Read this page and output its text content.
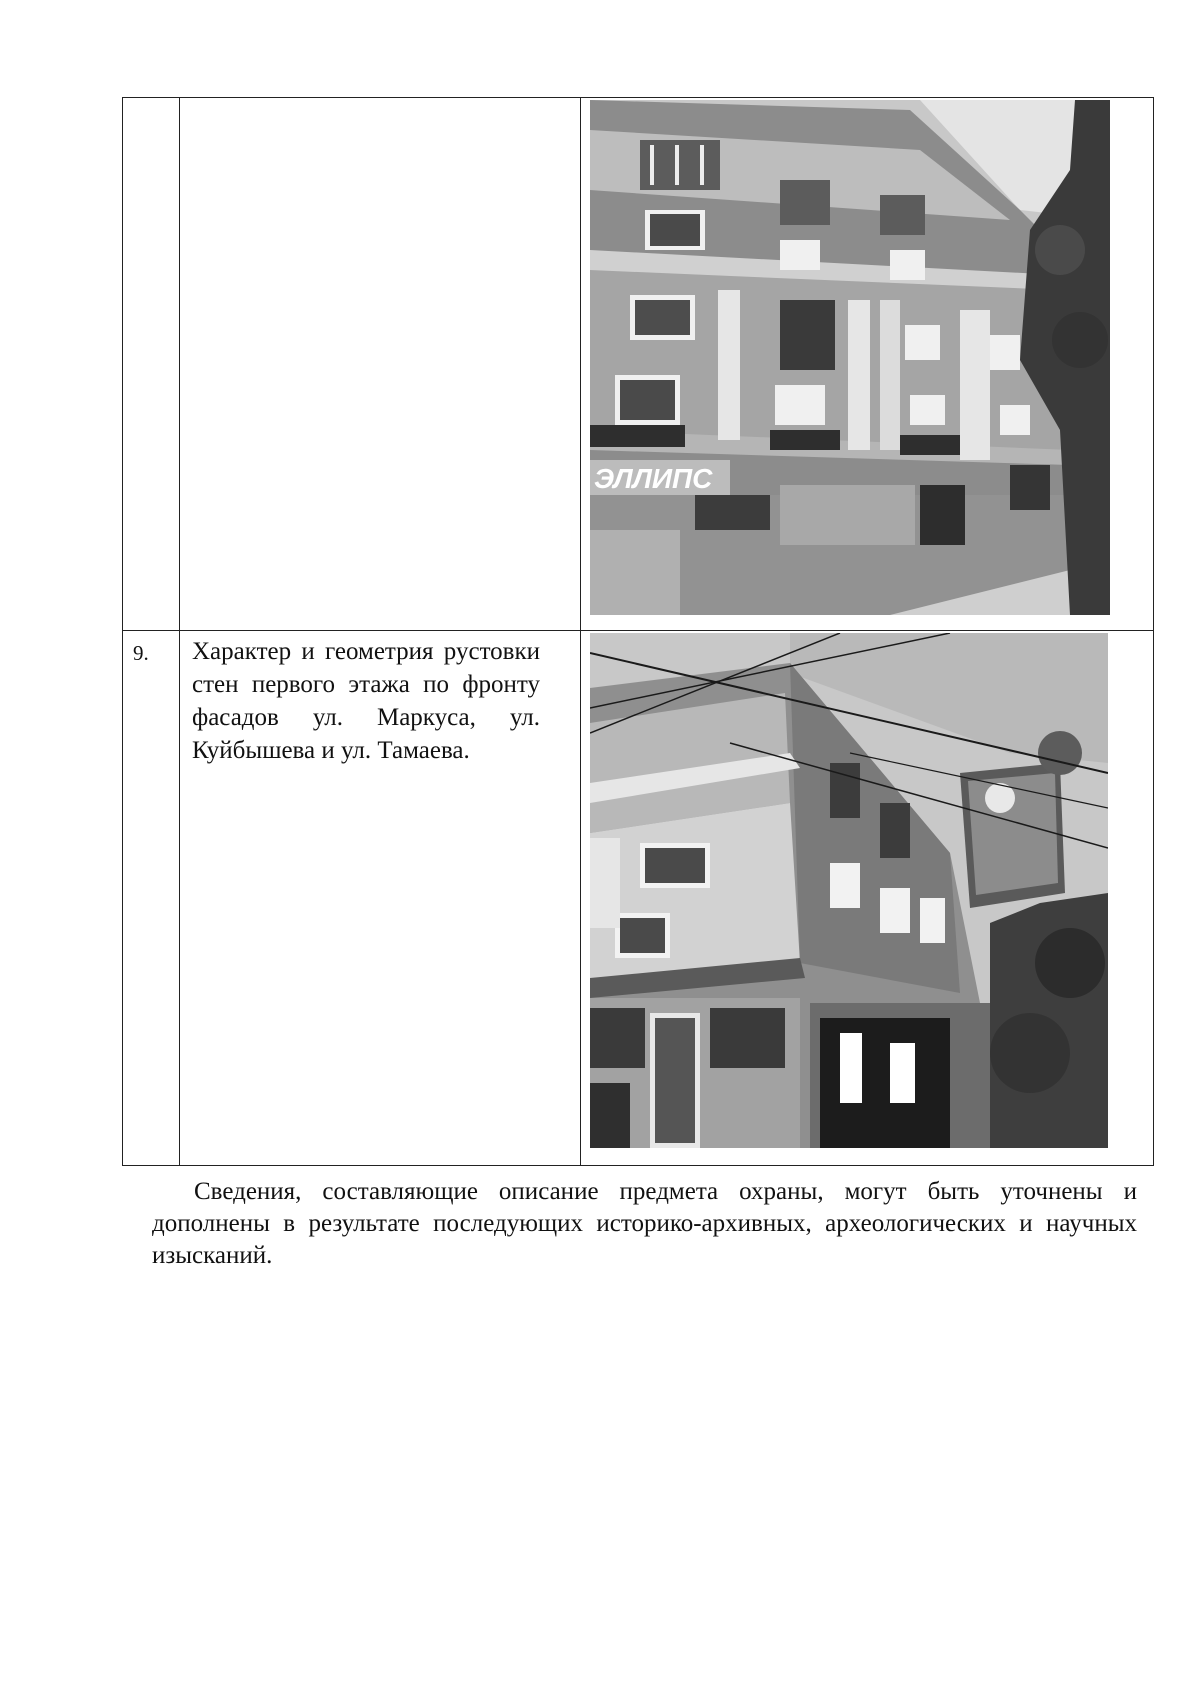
ЭЛЛИПС

9.	Характер и геометрия рустовки стен первого этажа по фронту фасадов ул. Маркуса, ул. Куйбышева и ул. Тамаева.

Сведения, составляющие описание предмета охраны, могут быть уточнены и дополнены в результате последующих историко-архивных, археологических и научных изысканий.
